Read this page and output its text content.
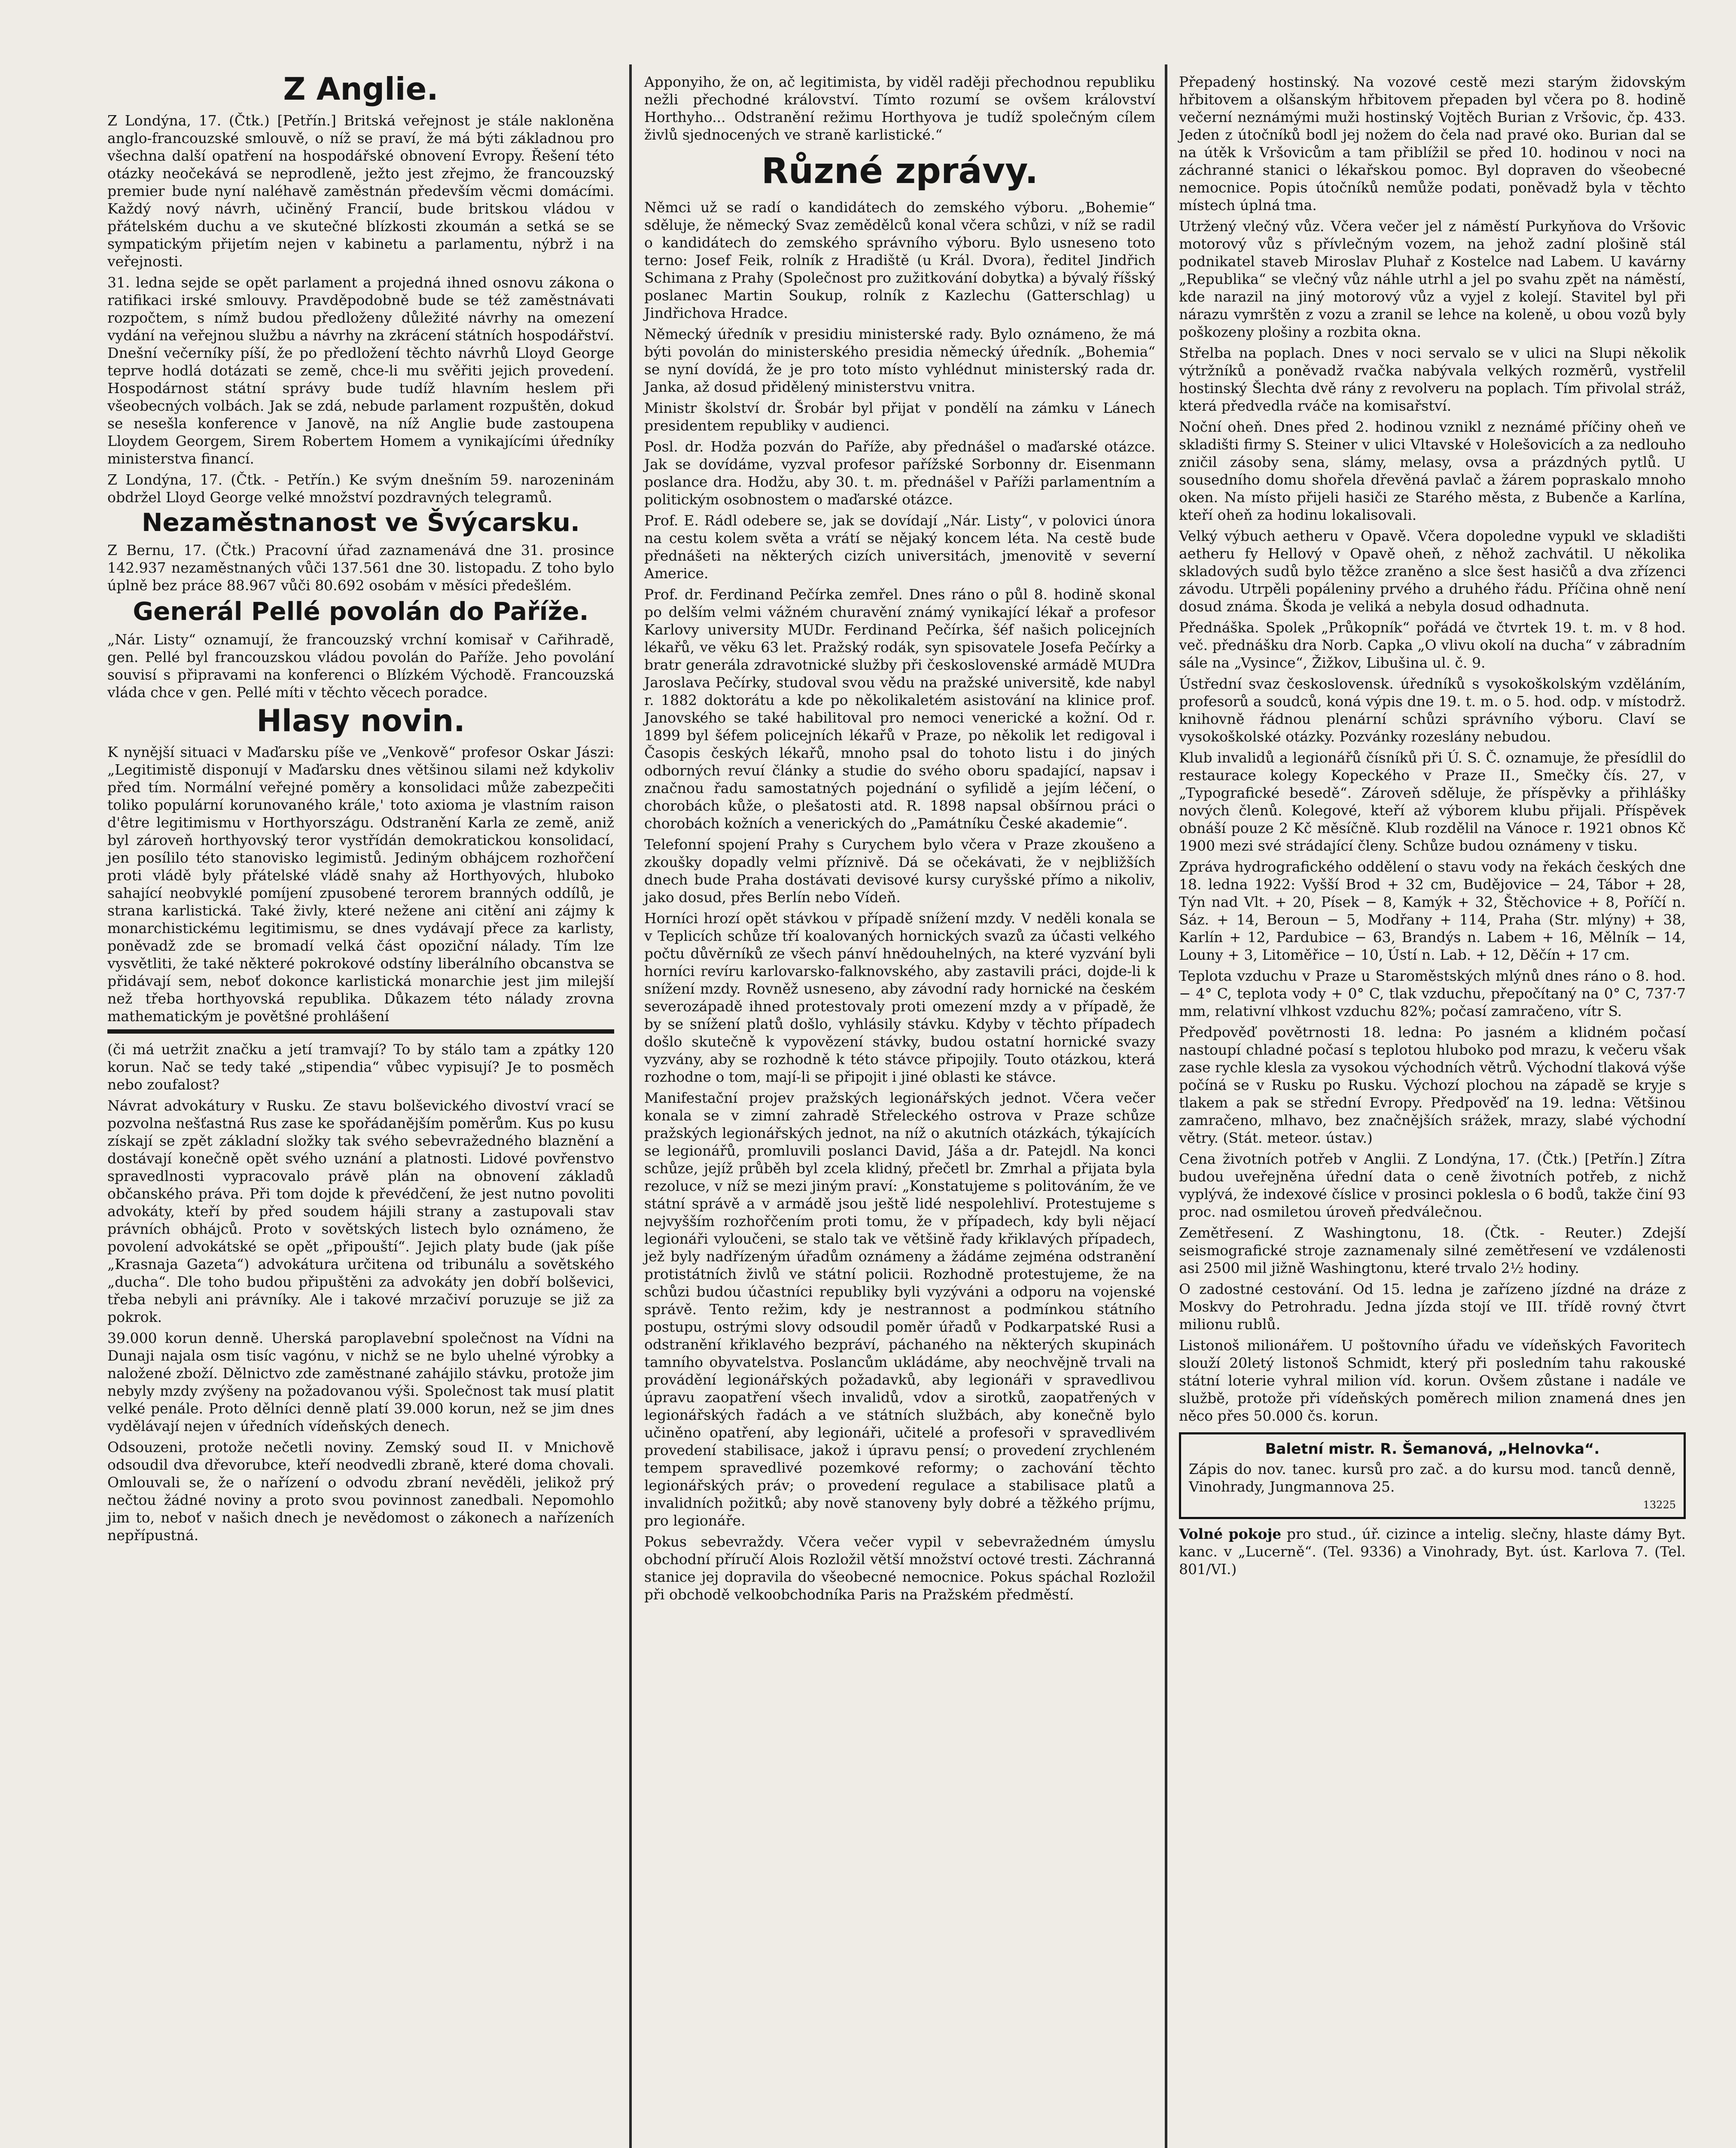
Z Anglie.

Z Londýna, 17. (Čtk.) [Petřín.] Britská veřejnost je stále nakloněna anglo-francouzské smlouvě, o níž se praví, že má býti základnou pro všechna další opatření na hospodářské obnovení Evropy. Řešení této otázky neočekává se neprodleně, ježto jest zřejmo, že francouzský premier bude nyní naléhavě zaměstnán především věcmi domácími. Každý nový návrh, učiněný Francií, bude britskou vládou v přátelském duchu a ve skutečné blízkosti zkoumán a setká se se sympatickým přijetím nejen v kabinetu a parlamentu, nýbrž i na veřejnosti.

31. ledna sejde se opět parlament a projedná ihned osnovu zákona o ratifikaci irské smlouvy. Pravděpodobně bude se též zaměstnávati rozpočtem, s nímž budou předloženy důležité návrhy na omezení vydání na veřejnou službu a návrhy na zkrácení státních hospodářství. Dnešní večerníky píší, že po předložení těchto návrhů Lloyd George teprve hodlá dotázati se země, chce-li mu svěřiti jejich provedení. Hospodárnost státní správy bude tudíž hlavním heslem při všeobecných volbách. Jak se zdá, nebude parlament rozpuštěn, dokud se nesešla konference v Janově, na níž Anglie bude zastoupena Lloydem Georgem, Sirem Robertem Homem a vynikajícími úředníky ministerstva financí.

Z Londýna, 17. (Čtk. - Petřín.) Ke svým dnešním 59. narozeninám obdržel Lloyd George velké množství pozdravných telegramů.

Nezaměstnanost ve Švýcarsku.

Z Bernu, 17. (Čtk.) Pracovní úřad zaznamenává dne 31. prosince 142.937 nezaměstnaných vůči 137.561 dne 30. listopadu. Z toho bylo úplně bez práce 88.967 vůči 80.692 osobám v měsíci předešlém.

Generál Pellé povolán do Paříže.

„Nár. Listy“ oznamují, že francouzský vrchní komisař v Cařihradě, gen. Pellé byl francouzskou vládou povolán do Paříže. Jeho povolání souvisí s připravami na konferenci o Blízkém Východě. Francouzská vláda chce v gen. Pellé míti v těchto věcech poradce.

Hlasy novin.

K nynější situaci v Maďarsku píše ve „Venkově“ profesor Oskar Jászi: „Legitimistě disponují v Maďarsku dnes většinou silami než kdykoliv před tím. Normální veřejné poměry a konsolidaci může zabezpečiti toliko populární korunovaného krále,' toto axioma je vlastním raison d'être legitimismu v Horthyországu. Odstranění Karla ze země, aniž byl zároveň horthyovský teror vystřídán demokratickou konsolidací, jen posílilo této stanovisko legimistů. Jediným obhájcem rozhořčení proti vládě byly přátelské vládě snahy až Horthyových, hluboko sahající neobvyklé pomíjení zpusobené terorem branných oddílů, je strana karlistická. Také živly, které nežene ani citění ani zájmy k monarchistickému legitimismu, se dnes vydávají přece za karlisty, poněvadž zde se bromadí velká část opoziční nálady. Tím lze vysvětliti, že také některé pokrokové odstíny liberálního obcanstva se přidávají sem, neboť dokonce karlistická monarchie jest jim milejší než třeba horthyovská republika. Důkazem této nálady zrovna mathematickým je povětšné prohlášení

(či má uetržit značku a jetí tramvají? To by stálo tam a zpátky 120 korun. Nač se tedy také „stipendia“ vůbec vypisují? Je to posměch nebo zoufalost?

Návrat advokátury v Rusku. Ze stavu bolševického divoství vrací se pozvolna nešťastná Rus zase ke spořádanějším poměrům. Kus po kusu získají se zpět základní složky tak svého sebevražedného blaznění a dostávají konečně opět svého uznání a platnosti. Lidové povřenstvo spravedlnosti vypracovalo právě plán na obnovení základů občanského práva. Při tom dojde k převédčení, že jest nutno povoliti advokáty, kteří by před soudem hájili strany a zastupovali stav právních obhájců. Proto v sovětských listech bylo oznámeno, že povolení advokátské se opět „připouští“. Jejich platy bude (jak píše „Krasnaja Gazeta“) advokátura určitena od tribunálu a sovětského „ducha“. Dle toho budou připuštěni za advokáty jen dobří bolševici, třeba nebyli ani právníky. Ale i takové mrzačiví poruzuje se již za pokrok.

39.000 korun denně. Uherská paroplavební společnost na Vídni na Dunaji najala osm tisíc vagónu, v nichž se ne bylo uhelné výrobky a naložené zboží. Dělnictvo zde zaměstnané zahájilo stávku, protože jim nebyly mzdy zvýšeny na požadovanou výši. Společnost tak musí platit velké penále. Proto dělníci denně platí 39.000 korun, než se jim dnes vydělávají nejen v úředních vídeňských denech.

Odsouzeni, protože nečetli noviny. Zemský soud II. v Mnichově odsoudil dva dřevorubce, kteří neodvedli zbraně, které doma chovali. Omlouvali se, že o nařízení o odvodu zbraní nevěděli, jelikož prý nečtou žádné noviny a proto svou povinnost zanedbali. Nepomohlo jim to, neboť v našich dnech je nevědomost o zákonech a nařízeních nepřípustná.

Apponyiho, že on, ač legitimista, by viděl raději přechodnou republiku nežli přechodné království. Tímto rozumí se ovšem království Horthyho... Odstranění režimu Horthyova je tudíž společným cílem živlů sjednocených ve straně karlistické.“

Různé zprávy.

Němci už se radí o kandidátech do zemského výboru. „Bohemie“ sděluje, že německý Svaz zemědělců konal včera schůzi, v níž se radil o kandidátech do zemského správního výboru. Bylo usneseno toto terno: Josef Feik, rolník z Hradiště (u Král. Dvora), ředitel Jindřich Schimana z Prahy (Společnost pro zužitkování dobytka) a bývalý říšský poslanec Martin Soukup, rolník z Kazlechu (Gatterschlag) u Jindřichova Hradce.

Německý úředník v presidiu ministerské rady. Bylo oznámeno, že má býti povolán do ministerského presidia německý úředník. „Bohemia“ se nyní dovídá, že je pro toto místo vyhlédnut ministerský rada dr. Janka, až dosud přidělený ministerstvu vnitra.

Ministr školství dr. Šrobár byl přijat v pondělí na zámku v Lánech presidentem republiky v audienci.

Posl. dr. Hodža pozván do Paříže, aby přednášel o maďarské otázce. Jak se dovídáme, vyzval profesor pařížské Sorbonny dr. Eisenmann poslance dra. Hodžu, aby 30. t. m. přednášel v Paříži parlamentním a politickým osobnostem o maďarské otázce.

Prof. E. Rádl odebere se, jak se dovídají „Nár. Listy“, v polovici února na cestu kolem světa a vrátí se nějaký koncem léta. Na cestě bude přednášeti na některých cizích universitách, jmenovitě v severní Americe.

Prof. dr. Ferdinand Pečírka zemřel. Dnes ráno o půl 8. hodině skonal po delším velmi vážném churavění známý vynikající lékař a profesor Karlovy university MUDr. Ferdinand Pečírka, šéf našich policejních lékařů, ve věku 63 let. Pražský rodák, syn spisovatele Josefa Pečírky a bratr generála zdravotnické služby při československé armádě MUDra Jaroslava Pečírky, studoval svou vědu na pražské universitě, kde nabyl r. 1882 doktorátu a kde po několikaletém asistování na klinice prof. Janovského se také habilitoval pro nemoci venerické a kožní. Od r. 1899 byl šéfem policejních lékařů v Praze, po několik let redigoval i Časopis českých lékařů, mnoho psal do tohoto listu i do jiných odborných revuí články a studie do svého oboru spadající, napsav i značnou řadu samostatných pojednání o syfilidě a jejím léčení, o chorobách kůže, o plešatosti atd. R. 1898 napsal obšírnou práci o chorobách kožních a venerických do „Památníku České akademie“.

Telefonní spojení Prahy s Curychem bylo včera v Praze zkoušeno a zkoušky dopadly velmi příznivě. Dá se očekávati, že v nejbližších dnech bude Praha dostávati devisové kursy curyšské přímo a nikoliv, jako dosud, přes Berlín nebo Vídeň.

Horníci hrozí opět stávkou v případě snížení mzdy. V neděli konala se v Teplicích schůze tří koalovaných hornických svazů za účasti velkého počtu důvěrníků ze všech pánví hnědouhelných, na které vyzvání byli horníci revíru karlovarsko-falknovského, aby zastavili práci, dojde-li k snížení mzdy. Rovněž usneseno, aby závodní rady hornické na českém severozápadě ihned protestovaly proti omezení mzdy a v případě, že by se snížení platů došlo, vyhlásily stávku. Kdyby v těchto případech došlo skutečně k vypovězení stávky, budou ostatní hornické svazy vyzvány, aby se rozhodně k této stávce připojily. Touto otázkou, která rozhodne o tom, mají-li se připojit i jiné oblasti ke stávce.

Manifestační projev pražských legionářských jednot. Včera večer konala se v zimní zahradě Střeleckého ostrova v Praze schůze pražských legionářských jednot, na níž o akutních otázkách, týkajících se legionářů, promluvili poslanci David, Jáša a dr. Patejdl. Na konci schůze, jejíž průběh byl zcela klidný, přečetl br. Zmrhal a přijata byla rezoluce, v níž se mezi jiným praví: „Konstatujeme s politováním, že ve státní správě a v armádě jsou ještě lidé nespolehliví. Protestujeme s nejvyšším rozhořčením proti tomu, že v případech, kdy byli nějací legionáři vyloučeni, se stalo tak ve většině řady křiklavých případech, jež byly nadřízeným úřadům oznámeny a žádáme zejména odstranění protistátních živlů ve státní policii. Rozhodně protestujeme, že na schůzi budou účastníci republiky byli vyzýváni a odporu na vojenské správě. Tento režim, kdy je nestrannost a podmínkou státního postupu, ostrými slovy odsoudil poměr úřadů v Podkarpatské Rusi a odstranění křiklavého bezpráví, páchaného na některých skupinách tamního obyvatelstva. Poslancům ukládáme, aby neochvějně trvali na provádění legionářských požadavků, aby legionáři v spravedlivou úpravu zaopatření všech invalidů, vdov a sirotků, zaopatřených v legionářských řadách a ve státních službách, aby konečně bylo učiněno opatření, aby legionáři, učitelé a profesoři v spravedlivém provedení stabilisace, jakož i úpravu pensí; o provedení zrychleném tempem spravedlivé pozemkové reformy; o zachování těchto legionářských práv; o provedení regulace a stabilisace platů a invalidních požitků; aby nově stanoveny byly dobré a těžkého príjmu, pro legionáře.

Pokus sebevraždy. Včera večer vypil v sebevražedném úmyslu obchodní příručí Alois Rozložil větší množství octové tresti. Záchranná stanice jej dopravila do všeobecné nemocnice. Pokus spáchal Rozložil při obchodě velkoobchodníka Paris na Pražském předměstí.

Přepadený hostinský. Na vozové cestě mezi starým židovským hřbitovem a olšanským hřbitovem přepaden byl včera po 8. hodině večerní neznámými muži hostinský Vojtěch Burian z Vršovic, čp. 433. Jeden z útočníků bodl jej nožem do čela nad pravé oko. Burian dal se na útěk k Vršovicům a tam přiblížil se před 10. hodinou v noci na záchranné stanici o lékařskou pomoc. Byl dopraven do všeobecné nemocnice. Popis útočníků nemůže podati, poněvadž byla v těchto místech úplná tma.

Utržený vlečný vůz. Včera večer jel z náměstí Purkyňova do Vršovic motorový vůz s přívlečným vozem, na jehož zadní plošině stál podnikatel staveb Miroslav Pluhař z Kostelce nad Labem. U kavárny „Republika“ se vlečný vůz náhle utrhl a jel po svahu zpět na náměstí, kde narazil na jiný motorový vůz a vyjel z kolejí. Stavitel byl při nárazu vymrštěn z vozu a zranil se lehce na koleně, u obou vozů byly poškozeny plošiny a rozbita okna.

Střelba na poplach. Dnes v noci servalo se v ulici na Slupi několik výtržníků a poněvadž rvačka nabývala velkých rozměrů, vystřelil hostinský Šlechta dvě rány z revolveru na poplach. Tím přivolal stráž, která předvedla rváče na komisařství.

Noční oheň. Dnes před 2. hodinou vznikl z neznámé příčiny oheň ve skladišti firmy S. Steiner v ulici Vltavské v Holešovicích a za nedlouho zničil zásoby sena, slámy, melasy, ovsa a prázdných pytlů. U sousedního domu shořela dřevěná pavlač a žárem popraskalo mnoho oken. Na místo přijeli hasiči ze Starého města, z Bubenče a Karlína, kteří oheň za hodinu lokalisovali.

Velký výbuch aetheru v Opavě. Včera dopoledne vypukl ve skladišti aetheru fy Hellový v Opavě oheň, z něhož zachvátil. U několika skladových sudů bylo těžce zraněno a slce šest hasičů a dva zřízenci závodu. Utrpěli popáleniny prvého a druhého řádu. Příčina ohně není dosud známa. Škoda je veliká a nebyla dosud odhadnuta.

Přednáška. Spolek „Průkopník“ pořádá ve čtvrtek 19. t. m. v 8 hod. več. přednášku dra Norb. Capka „O vlivu okolí na ducha“ v zábradním sále na „Vysince“, Žižkov, Libušina ul. č. 9.

Ústřední svaz československ. úředníků s vysokoškolským vzděláním, profesorů a soudců, koná výpis dne 19. t. m. o 5. hod. odp. v místodrž. knihovně řádnou plenární schůzi správního výboru. Claví se vysokoškolské otázky. Pozvánky rozeslány nebudou.

Klub invalidů a legionářů čísníků při Ú. S. Č. oznamuje, že přesídlil do restaurace kolegy Kopeckého v Praze II., Smečky čís. 27, v „Typografické besedě“. Zároveň sděluje, že příspěvky a přihlášky nových členů. Kolegové, kteří až výborem klubu přijali. Příspěvek obnáší pouze 2 Kč měsíčně. Klub rozdělil na Vánoce r. 1921 obnos Kč 1900 mezi své strádající členy. Schůze budou oznámeny v tisku.

Zpráva hydrografického oddělení o stavu vody na řekách českých dne 18. ledna 1922: Vyšší Brod + 32 cm, Budějovice − 24, Tábor + 28, Týn nad Vlt. + 20, Písek − 8, Kamýk + 32, Štěchovice + 8, Poříčí n. Sáz. + 14, Beroun − 5, Modřany + 114, Praha (Str. mlýny) + 38, Karlín + 12, Pardubice − 63, Brandýs n. Labem + 16, Mělník − 14, Louny + 3, Litoměřice − 10, Ústí n. Lab. + 12, Děčín + 17 cm.

Teplota vzduchu v Praze u Staroměstských mlýnů dnes ráno o 8. hod. − 4° C, teplota vody + 0° C, tlak vzduchu, přepočítaný na 0° C, 737·7 mm, relativní vlhkost vzduchu 82%; počasí zamračeno, vítr S.

Předpověď povětrnosti 18. ledna: Po jasném a klidném počasí nastoupí chladné počasí s teplotou hluboko pod mrazu, k večeru však zase rychle klesla za vysokou východních větrů. Východní tlaková výše počíná se v Rusku po Rusku. Výchozí plochou na západě se kryje s tlakem a pak se střední Evropy. Předpověď na 19. ledna: Většinou zamračeno, mlhavo, bez značnějších srážek, mrazy, slabé východní větry. (Stát. meteor. ústav.)

Cena životních potřeb v Anglii. Z Londýna, 17. (Čtk.) [Petřín.] Zítra budou uveřejněna úřední data o ceně životních potřeb, z nichž vyplývá, že indexové číslice v prosinci poklesla o 6 bodů, takže činí 93 proc. nad osmiletou úroveň předválečnou.

Zemětřesení. Z Washingtonu, 18. (Čtk. - Reuter.) Zdejší seismografické stroje zaznamenaly silné zemětřesení ve vzdálenosti asi 2500 mil jižně Washingtonu, které trvalo 2½ hodiny.

O zadostné cestování. Od 15. ledna je zařízeno jízdné na dráze z Moskvy do Petrohradu. Jedna jízda stojí ve III. třídě rovný čtvrt milionu rublů.

Listonoš milionářem. U poštovního úřadu ve vídeňských Favoritech slouží 20letý listonoš Schmidt, který při posledním tahu rakouské státní loterie vyhral milion víd. korun. Ovšem zůstane i nadále ve službě, protože při vídeňských poměrech milion znamená dnes jen něco přes 50.000 čs. korun.

Baletní mistr. R. Šemanová, „Helnovka“.

Zápis do nov. tanec. kursů pro zač. a do kursu mod. tanců denně, Vinohrady, Jungmannova 25.

13225

Volné pokoje pro stud., úř. cizince a intelig. slečny, hlaste dámy Byt. kanc. v „Lucerně“. (Tel. 9336) a Vinohrady, Byt. úst. Karlova 7. (Tel. 801/VI.)
